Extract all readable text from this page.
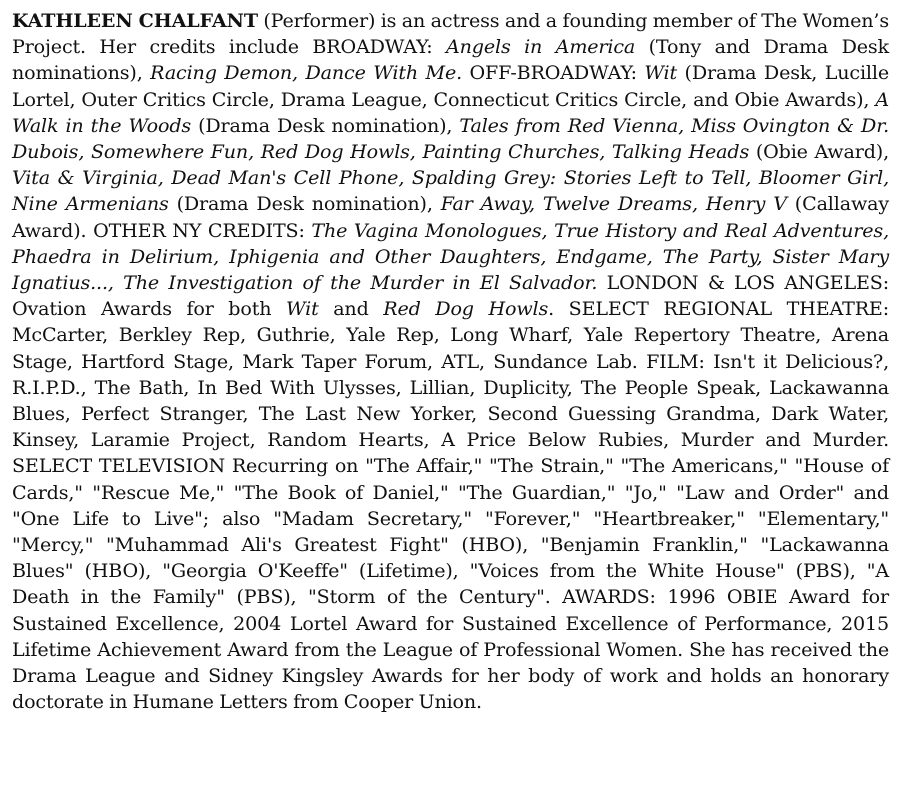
KATHLEEN CHALFANT (Performer) is an actress and a founding member of The Women’s Project. Her credits include BROADWAY: Angels in America (Tony and Drama Desk nominations), Racing Demon, Dance With Me. OFF-BROADWAY: Wit (Drama Desk, Lucille Lortel, Outer Critics Circle, Drama League, Connecticut Critics Circle, and Obie Awards), A Walk in the Woods (Drama Desk nomination), Tales from Red Vienna, Miss Ovington & Dr. Dubois, Somewhere Fun, Red Dog Howls, Painting Churches, Talking Heads (Obie Award), Vita & Virginia, Dead Man's Cell Phone, Spalding Grey: Stories Left to Tell, Bloomer Girl, Nine Armenians (Drama Desk nomination), Far Away, Twelve Dreams, Henry V (Callaway Award). OTHER NY CREDITS: The Vagina Monologues, True History and Real Adventures, Phaedra in Delirium, Iphigenia and Other Daughters, Endgame, The Party, Sister Mary Ignatius..., The Investigation of the Murder in El Salvador. LONDON & LOS ANGELES: Ovation Awards for both Wit and Red Dog Howls. SELECT REGIONAL THEATRE: McCarter, Berkley Rep, Guthrie, Yale Rep, Long Wharf, Yale Repertory Theatre, Arena Stage, Hartford Stage, Mark Taper Forum, ATL, Sundance Lab. FILM: Isn't it Delicious?, R.I.P.D., The Bath, In Bed With Ulysses, Lillian, Duplicity, The People Speak, Lackawanna Blues, Perfect Stranger, The Last New Yorker, Second Guessing Grandma, Dark Water, Kinsey, Laramie Project, Random Hearts, A Price Below Rubies, Murder and Murder. SELECT TELEVISION Recurring on "The Affair," "The Strain," "The Americans," "House of Cards," "Rescue Me," "The Book of Daniel," "The Guardian," "Jo," "Law and Order" and "One Life to Live"; also "Madam Secretary," "Forever," "Heartbreaker," "Elementary," "Mercy," "Muhammad Ali's Greatest Fight" (HBO), "Benjamin Franklin," "Lackawanna Blues" (HBO), "Georgia O'Keeffe" (Lifetime), "Voices from the White House" (PBS), "A Death in the Family" (PBS), "Storm of the Century". AWARDS: 1996 OBIE Award for Sustained Excellence, 2004 Lortel Award for Sustained Excellence of Performance, 2015 Lifetime Achievement Award from the League of Professional Women. She has received the Drama League and Sidney Kingsley Awards for her body of work and holds an honorary doctorate in Humane Letters from Cooper Union.
